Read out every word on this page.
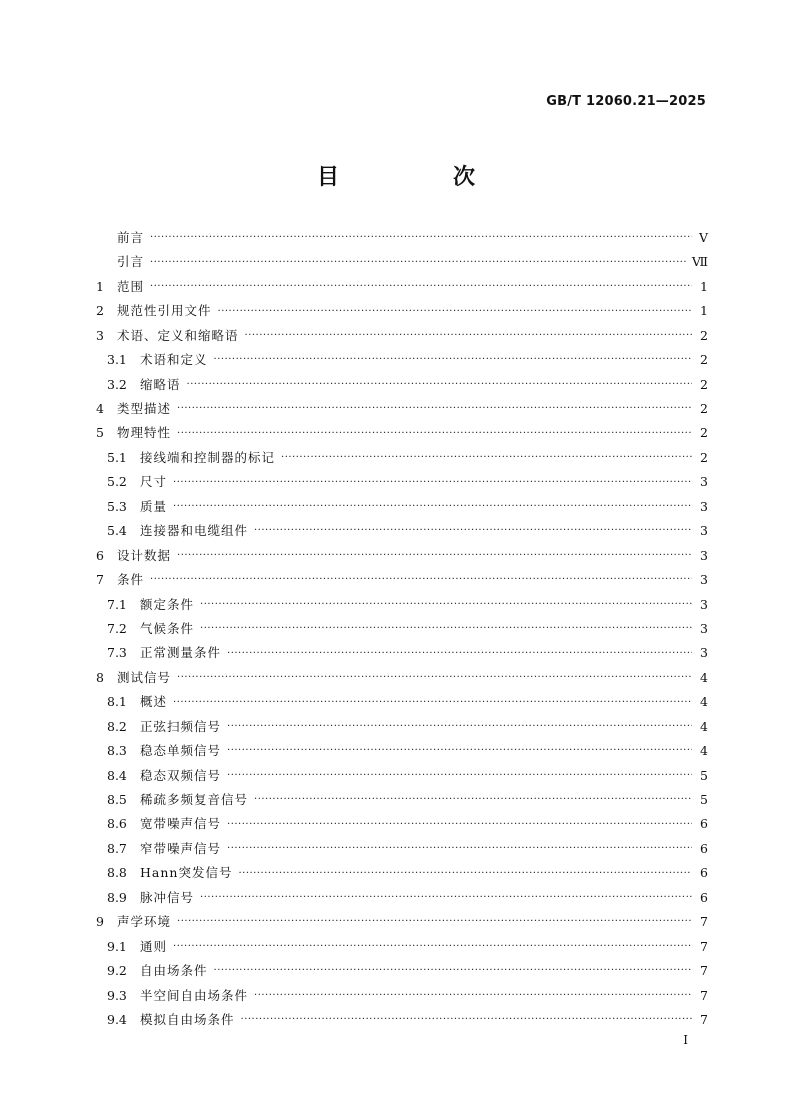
GB/T 12060.21—2025
目　次
前言 ·····	Ⅴ
引言 ·····	Ⅶ
1	范围 ·····	1
2	规范性引用文件 ·····	1
3	术语、定义和缩略语 ·····	2
3.1	术语和定义 ·····	2
3.2	缩略语 ·····	2
4	类型描述 ·····	2
5	物理特性 ·····	2
5.1	接线端和控制器的标记 ·····	2
5.2	尺寸 ·····	3
5.3	质量 ·····	3
5.4	连接器和电缆组件 ·····	3
6	设计数据 ·····	3
7	条件 ·····	3
7.1	额定条件 ·····	3
7.2	气候条件 ·····	3
7.3	正常测量条件 ·····	3
8	测试信号 ·····	4
8.1	概述 ·····	4
8.2	正弦扫频信号 ·····	4
8.3	稳态单频信号 ·····	4
8.4	稳态双频信号 ·····	5
8.5	稀疏多频复音信号 ·····	5
8.6	宽带噪声信号 ·····	6
8.7	窄带噪声信号 ·····	6
8.8	Hann突发信号 ·····	6
8.9	脉冲信号 ·····	6
9	声学环境 ·····	7
9.1	通则 ·····	7
9.2	自由场条件 ·····	7
9.3	半空间自由场条件 ·····	7
9.4	模拟自由场条件 ·····	7
I
